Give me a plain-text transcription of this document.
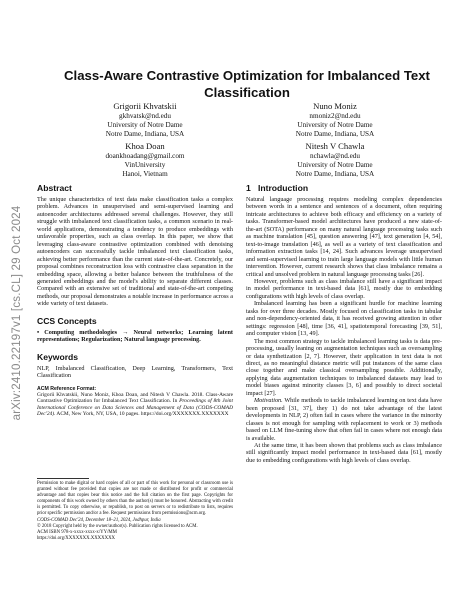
arXiv:2410.22197v1 [cs.CL] 29 Oct 2024
Class-Aware Contrastive Optimization for Imbalanced Text Classification
Grigorii Khvatskii
gkhvatsk@nd.edu
University of Notre Dame
Notre Dame, Indiana, USA
Nuno Moniz
nmoniz2@nd.edu
University of Notre Dame
Notre Dame, Indiana, USA
Khoa Doan
doankhoadang@gmail.com
VinUniversity
Hanoi, Vietnam
Nitesh V Chawla
nchawla@nd.edu
University of Notre Dame
Notre Dame, Indiana, USA
Abstract

The unique characteristics of text data make classification tasks a complex problem. Advances in unsupervised and semi-supervised learning and autoencoder architectures addressed several challenges. However, they still struggle with imbalanced text classification tasks, a common scenario in real-world applications, demonstrating a tendency to produce embeddings with unfavorable properties, such as class overlap. In this paper, we show that leveraging class-aware contrastive optimization combined with denoising autoencoders can successfully tackle imbalanced text classification tasks, achieving better performance than the current state-of-the-art. Concretely, our proposal combines reconstruction loss with contrastive class separation in the embedding space, allowing a better balance between the truthfulness of the generated embeddings and the model's ability to separate different classes. Compared with an extensive set of traditional and state-of-the-art competing methods, our proposal demonstrates a notable increase in performance across a wide variety of text datasets.

CCS Concepts

• Computing methodologies → Neural networks; Learning latent representations; Regularization; Natural language processing.

Keywords

NLP, Imbalanced Classification, Deep Learning, Transformers, Text Classification

ACM Reference Format:

Grigorii Khvatskii, Nuno Moniz, Khoa Doan, and Nitesh V Chawla. 2018. Class-Aware Contrastive Optimization for Imbalanced Text Classification. In Proceedings of 8th Joint International Conference on Data Sciences and Management of Data (CODS-COMAD Dec'24). ACM, New York, NY, USA, 10 pages. https://doi.org/XXXXXXX.XXXXXXX

Permission to make digital or hard copies of all or part of this work for personal or classroom use is granted without fee provided that copies are not made or distributed for profit or commercial advantage and that copies bear this notice and the full citation on the first page. Copyrights for components of this work owned by others than the author(s) must be honored. Abstracting with credit is permitted. To copy otherwise, or republish, to post on servers or to redistribute to lists, requires prior specific permission and/or a fee. Request permissions from permissions@acm.org.

CODS-COMAD Dec'24, December 18–21, 2024, Jodhpur, India

© 2018 Copyright held by the owner/author(s). Publication rights licensed to ACM.

ACM ISBN 978-x-xxxx-xxxx-x/YY/MM

https://doi.org/XXXXXXX.XXXXXXX

1 Introduction

Natural language processing requires modeling complex dependencies between words in a sentence and sentences of a document, often requiring intricate architectures to achieve both efficacy and efficiency on a variety of tasks. Transformer-based model architectures have produced a new state-of-the-art (SOTA) performance on many natural language processing tasks such as machine translation [45], question answering [47], text generation [4, 54], text-to-image translation [46], as well as a variety of text classification and information extraction tasks [14, 24]. Such advances leverage unsupervised and semi-supervised learning to train large language models with little human intervention. However, current research shows that class imbalance remains a critical and unsolved problem in natural language processing tasks [26].

However, problems such as class imbalance still have a significant impact in model performance in text-based data [61], mostly due to embedding configurations with high levels of class overlap.

Imbalanced learning has been a significant hurdle for machine learning tasks for over three decades. Mostly focused on classification tasks in tabular and non-dependency-oriented data, it has received growing attention in other settings: regression [48], time [36, 41], spatiotemporal forecasting [39, 51], and computer vision [13, 49].

The most common strategy to tackle imbalanced learning tasks is data pre-processing, usually leaning on augmentation techniques such as oversampling or data synthetization [2, 7]. However, their application in text data is not direct, as no meaningful distance metric will put instances of the same class close together and make classical oversampling possible. Additionally, applying data augmentation techniques to imbalanced datasets may lead to model biases against minority classes [3, 6] and possibly to direct societal impact [27].

Motivation. While methods to tackle imbalanced learning on text data have been proposed [31, 37], they 1) do not take advantage of the latest developments in NLP, 2) often fail in cases where the variance in the minority classes is not enough for sampling with replacement to work or 3) methods based on LLM fine-tuning show that often fail in cases where not enough data is available.

At the same time, it has been shown that problems such as class imbalance still significantly impact model performance in text-based data [61], mostly due to embedding configurations with high levels of class overlap.
